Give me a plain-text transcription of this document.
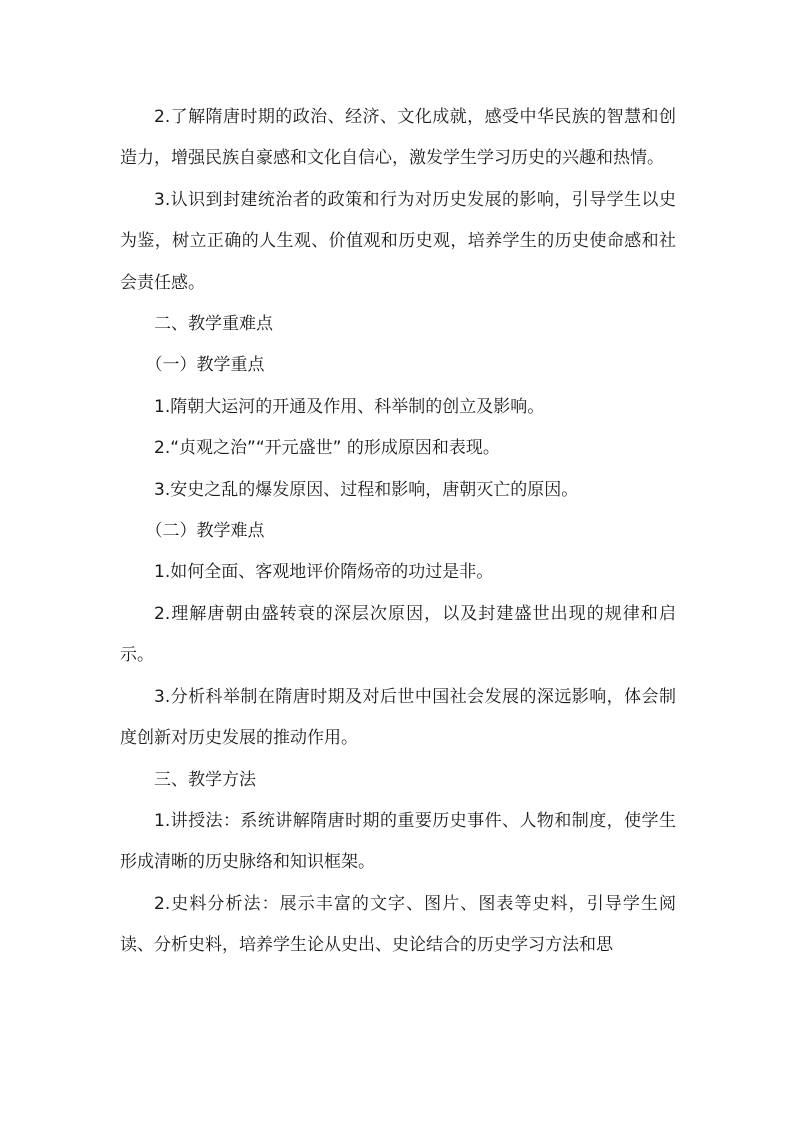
2.了解隋唐时期的政治、经济、文化成就，感受中华民族的智慧和创造力，增强民族自豪感和文化自信心，激发学生学习历史的兴趣和热情。

3.认识到封建统治者的政策和行为对历史发展的影响，引导学生以史为鉴，树立正确的人生观、价值观和历史观，培养学生的历史使命感和社会责任感。

二、教学重难点

（一）教学重点

1.隋朝大运河的开通及作用、科举制的创立及影响。

2.“贞观之治”“开元盛世” 的形成原因和表现。

3.安史之乱的爆发原因、过程和影响，唐朝灭亡的原因。

（二）教学难点

1.如何全面、客观地评价隋炀帝的功过是非。

2.理解唐朝由盛转衰的深层次原因，以及封建盛世出现的规律和启示。

3.分析科举制在隋唐时期及对后世中国社会发展的深远影响，体会制度创新对历史发展的推动作用。

三、教学方法

1.讲授法：系统讲解隋唐时期的重要历史事件、人物和制度，使学生形成清晰的历史脉络和知识框架。

2.史料分析法：展示丰富的文字、图片、图表等史料，引导学生阅读、分析史料，培养学生论从史出、史论结合的历史学习方法和思
